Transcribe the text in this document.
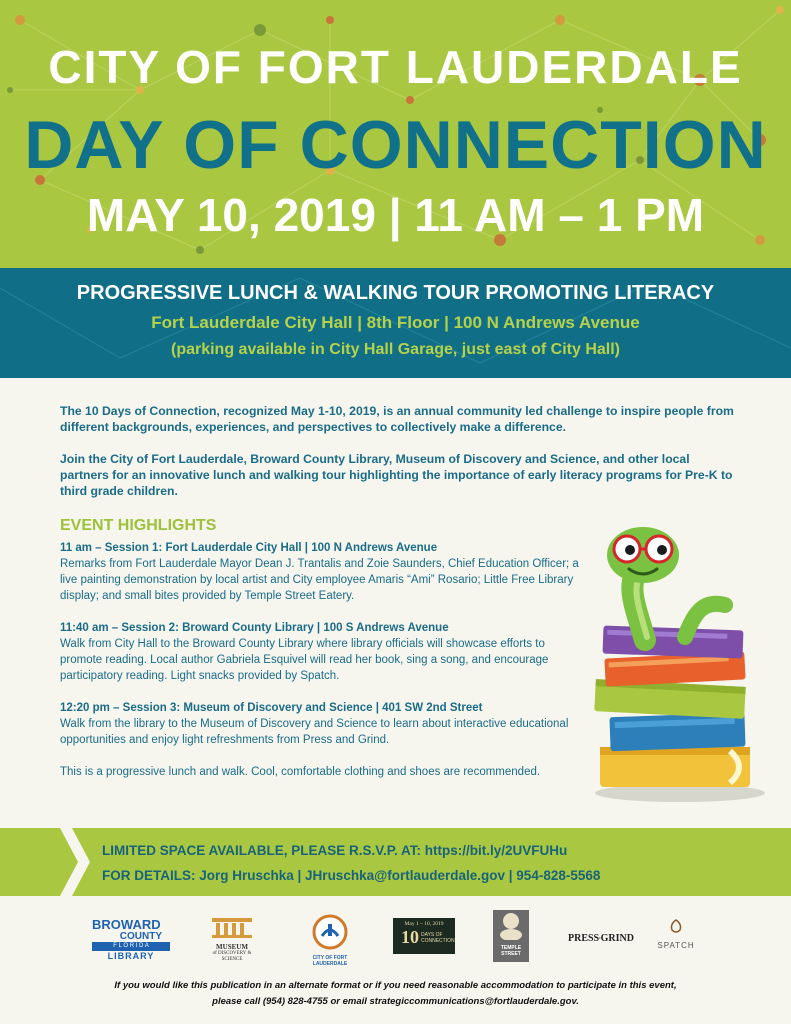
CITY OF FORT LAUDERDALE
DAY OF CONNECTION
MAY 10, 2019 | 11 AM – 1 PM
PROGRESSIVE LUNCH & WALKING TOUR PROMOTING LITERACY
Fort Lauderdale City Hall | 8th Floor | 100 N Andrews Avenue
(parking available in City Hall Garage, just east of City Hall)

The 10 Days of Connection, recognized May 1-10, 2019, is an annual community led challenge to inspire people from different backgrounds, experiences, and perspectives to collectively make a difference.

Join the City of Fort Lauderdale, Broward County Library, Museum of Discovery and Science, and other local partners for an innovative lunch and walking tour highlighting the importance of early literacy programs for Pre-K to third grade children.

EVENT HIGHLIGHTS
11 am – Session 1: Fort Lauderdale City Hall | 100 N Andrews Avenue
Remarks from Fort Lauderdale Mayor Dean J. Trantalis and Zoie Saunders, Chief Education Officer; a live painting demonstration by local artist and City employee Amaris “Ami” Rosario; Little Free Library display; and small bites provided by Temple Street Eatery.
11:40 am – Session 2: Broward County Library | 100 S Andrews Avenue
Walk from City Hall to the Broward County Library where library officials will showcase efforts to promote reading. Local author Gabriela Esquivel will read her book, sing a song, and encourage participatory reading. Light snacks provided by Spatch.
12:20 pm – Session 3: Museum of Discovery and Science | 401 SW 2nd Street
Walk from the library to the Museum of Discovery and Science to learn about interactive educational opportunities and enjoy light refreshments from Press and Grind.
This is a progressive lunch and walk. Cool, comfortable clothing and shoes are recommended.
LIMITED SPACE AVAILABLE, PLEASE R.S.V.P. AT: https://bit.ly/2UVFUHu
FOR DETAILS: Jorg Hruschka | JHruschka@fortlauderdale.gov | 954-828-5568
BROWARD
COUNTY
F L O R I D A
LIBRARY
MUSEUM
of DISCOVERY & SCIENCE	CITY OF FORT LAUDERDALE
May 1 – 10, 2019
10 DAYS OF CONNECTION
TEMPLE STREET
PRESS GRIND
SPATCH
If you would like this publication in an alternate format or if you need reasonable accommodation to participate in this event,
please call (954) 828-4755 or email strategiccommunications@fortlauderdale.gov.
